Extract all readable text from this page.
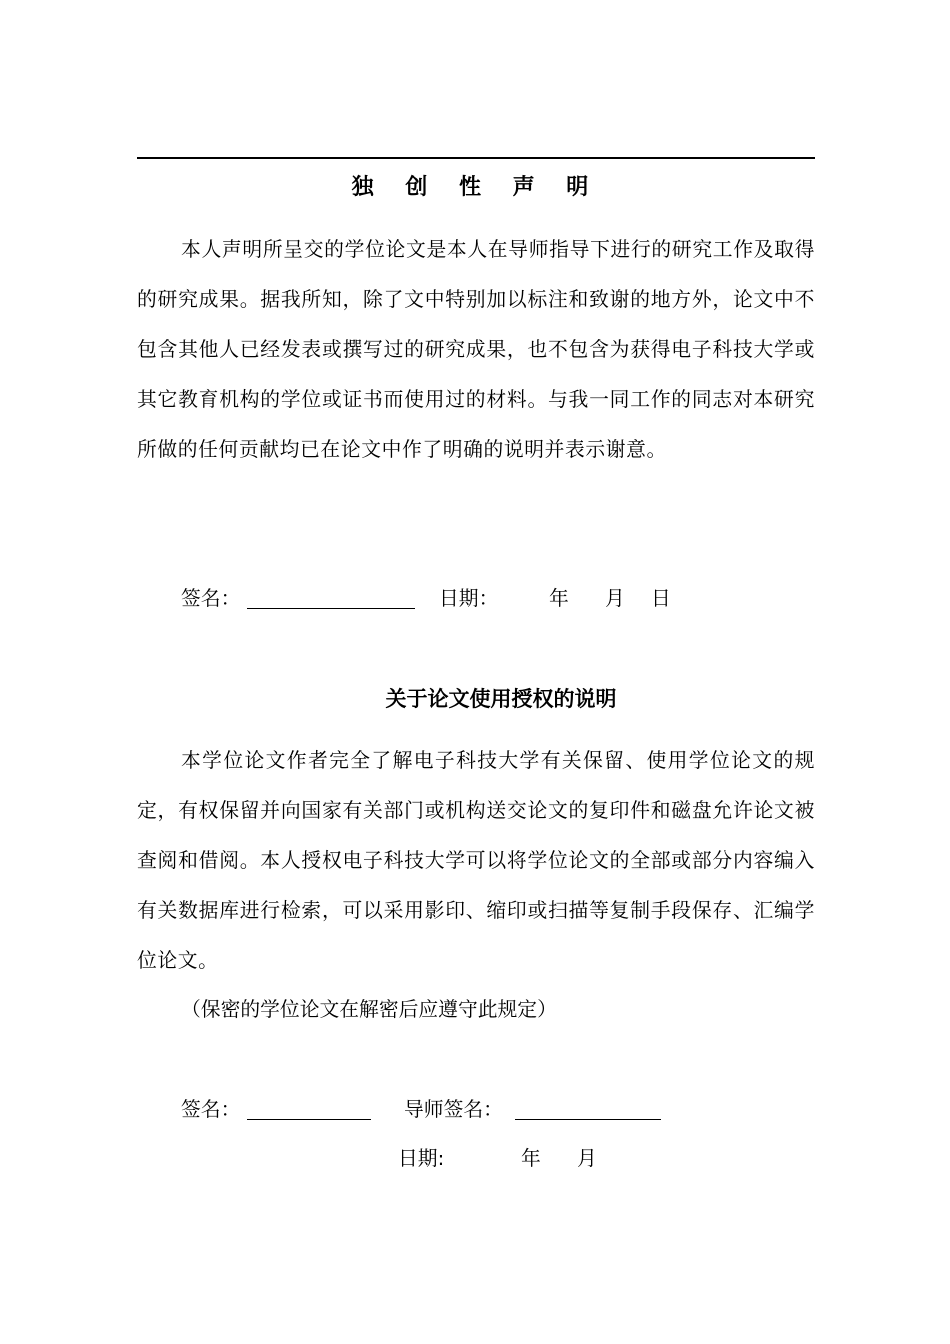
独 创 性 声 明

本人声明所呈交的学位论文是本人在导师指导下进行的研究工作及取得的研究成果。据我所知，除了文中特别加以标注和致谢的地方外，论文中不包含其他人已经发表或撰写过的研究成果，也不包含为获得电子科技大学或其它教育机构的学位或证书而使用过的材料。与我一同工作的同志对本研究所做的任何贡献均已在论文中作了明确的说明并表示谢意。

签名：	日期：	年 月 日
关于论文使用授权的说明

本学位论文作者完全了解电子科技大学有关保留、使用学位论文的规定，有权保留并向国家有关部门或机构送交论文的复印件和磁盘允许论文被查阅和借阅。本人授权电子科技大学可以将学位论文的全部或部分内容编入有关数据库进行检索，可以采用影印、缩印或扫描等复制手段保存、汇编学位论文。

（保密的学位论文在解密后应遵守此规定）
签名：	导师签名：
日期:	年 月
